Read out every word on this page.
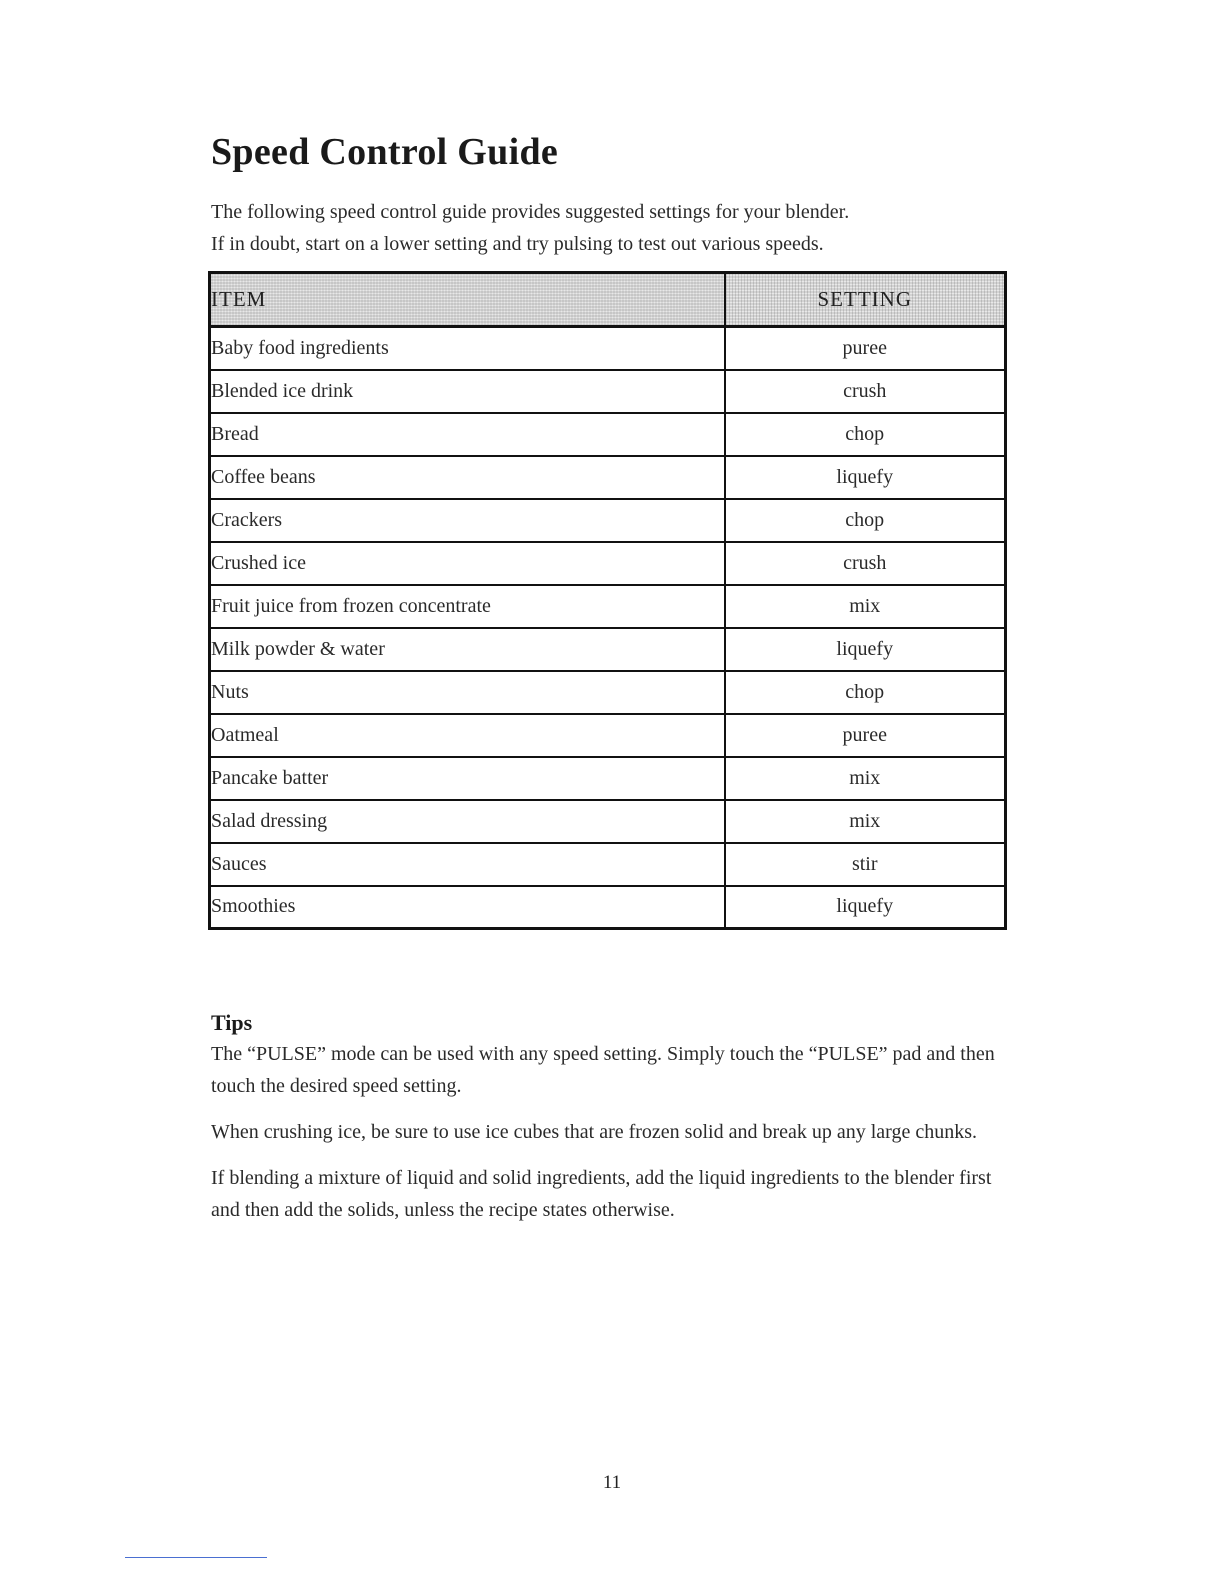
Speed Control Guide

The following speed control guide provides suggested settings for your blender.

If in doubt, start on a lower setting and try pulsing to test out various speeds.

ITEM	SETTING
Baby food ingredients	puree
Blended ice drink	crush
Bread	chop
Coffee beans	liquefy
Crackers	chop
Crushed ice	crush
Fruit juice from frozen concentrate	mix
Milk powder & water	liquefy
Nuts	chop
Oatmeal	puree
Pancake batter	mix
Salad dressing	mix
Sauces	stir
Smoothies	liquefy
Tips

The “PULSE” mode can be used with any speed setting. Simply touch the “PULSE” pad and then touch the desired speed setting.

When crushing ice, be sure to use ice cubes that are frozen solid and break up any large chunks.

If blending a mixture of liquid and solid ingredients, add the liquid ingredients to the blender first and then add the solids, unless the recipe states otherwise.

11
